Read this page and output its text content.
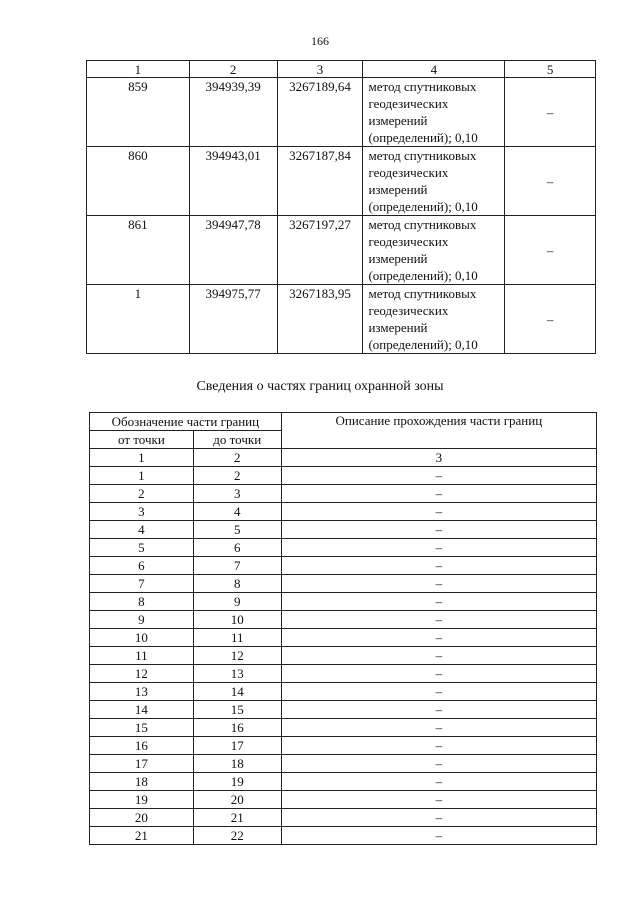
166
1	2	3	4	5
859	394939,39	3267189,64	метод спутниковых
геодезических
измерений
(определений); 0,10	–
860	394943,01	3267187,84	метод спутниковых
геодезических
измерений
(определений); 0,10	–
861	394947,78	3267197,27	метод спутниковых
геодезических
измерений
(определений); 0,10	–
1	394975,77	3267183,95	метод спутниковых
геодезических
измерений
(определений); 0,10	–
Сведения о частях границ охранной зоны
Обозначение части границ		Описание прохождения части границ
от точки	до точки	
1	2	3
1	2	–
2	3	–
3	4	–
4	5	–
5	6	–
6	7	–
7	8	–
8	9	–
9	10	–
10	11	–
11	12	–
12	13	–
13	14	–
14	15	–
15	16	–
16	17	–
17	18	–
18	19	–
19	20	–
20	21	–
21	22	–
